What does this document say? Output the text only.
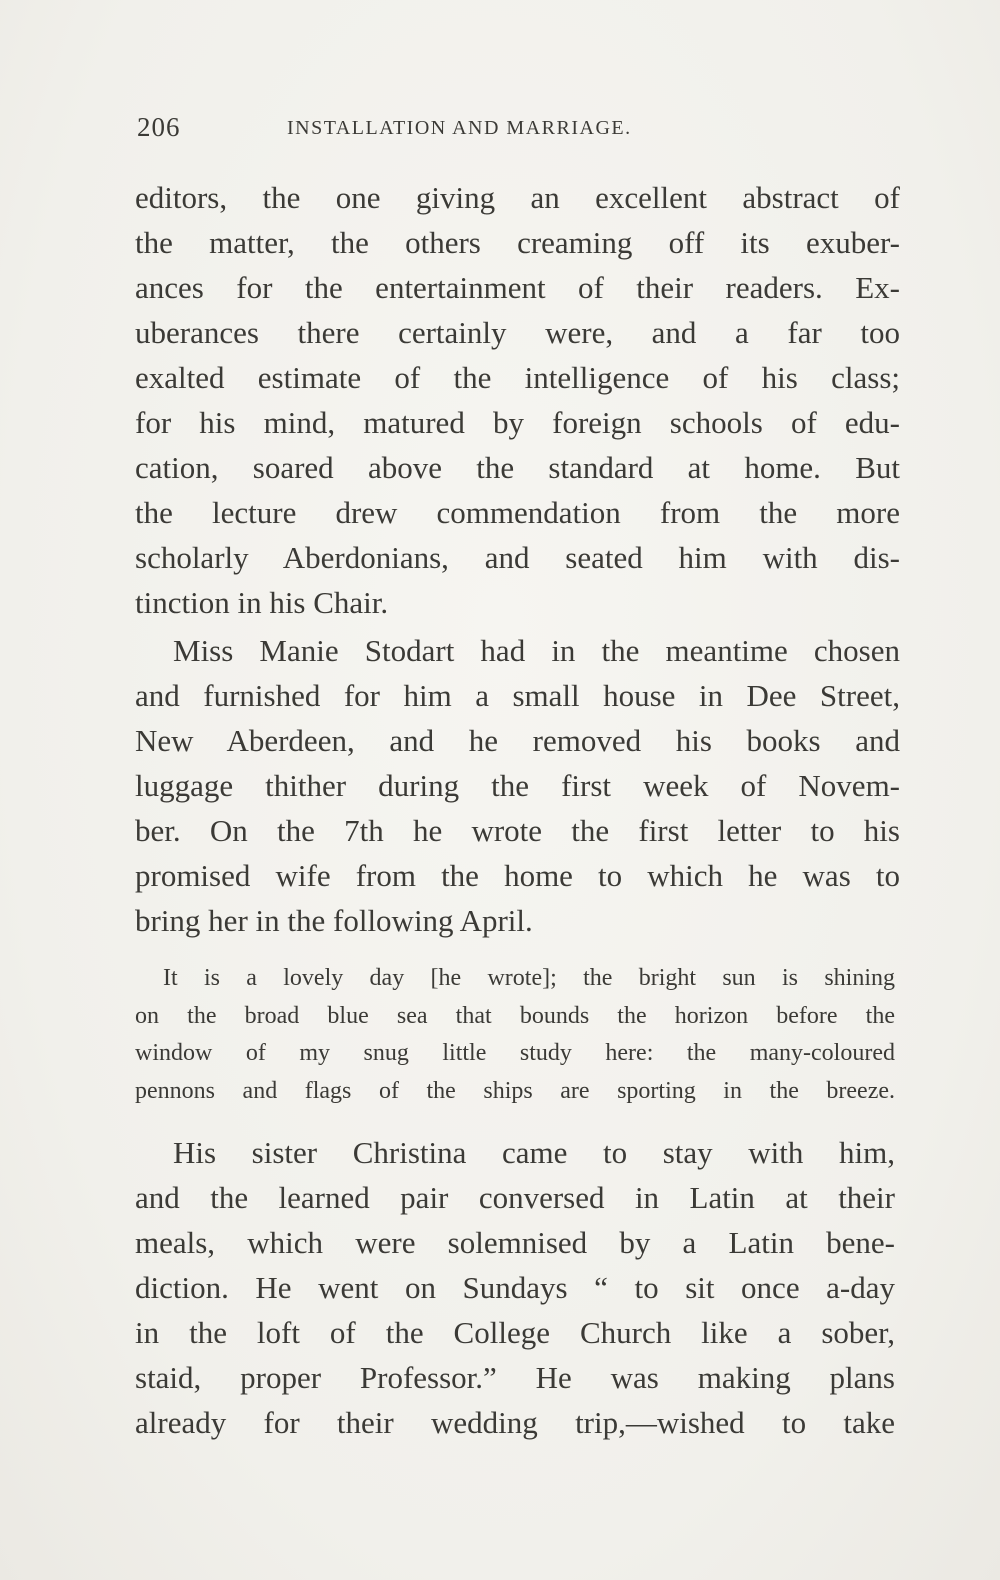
206	INSTALLATION AND MARRIAGE.
editors, the one giving an excellent abstract of
the matter, the others creaming off its exuber-
ances for the entertainment of their readers. Ex-
uberances there certainly were, and a far too
exalted estimate of the intelligence of his class;
for his mind, matured by foreign schools of edu-
cation, soared above the standard at home. But
the lecture drew commendation from the more
scholarly Aberdonians, and seated him with dis-
tinction in his Chair.
Miss Manie Stodart had in the meantime chosen
and furnished for him a small house in Dee Street,
New Aberdeen, and he removed his books and
luggage thither during the first week of Novem-
ber. On the 7th he wrote the first letter to his
promised wife from the home to which he was to
bring her in the following April.
It is a lovely day [he wrote]; the bright sun is shining
on the broad blue sea that bounds the horizon before the
window of my snug little study here: the many-coloured
pennons and flags of the ships are sporting in the breeze.
His sister Christina came to stay with him,
and the learned pair conversed in Latin at their
meals, which were solemnised by a Latin bene-
diction. He went on Sundays “ to sit once a-day
in the loft of the College Church like a sober,
staid, proper Professor.” He was making plans
already for their wedding trip,—wished to take
